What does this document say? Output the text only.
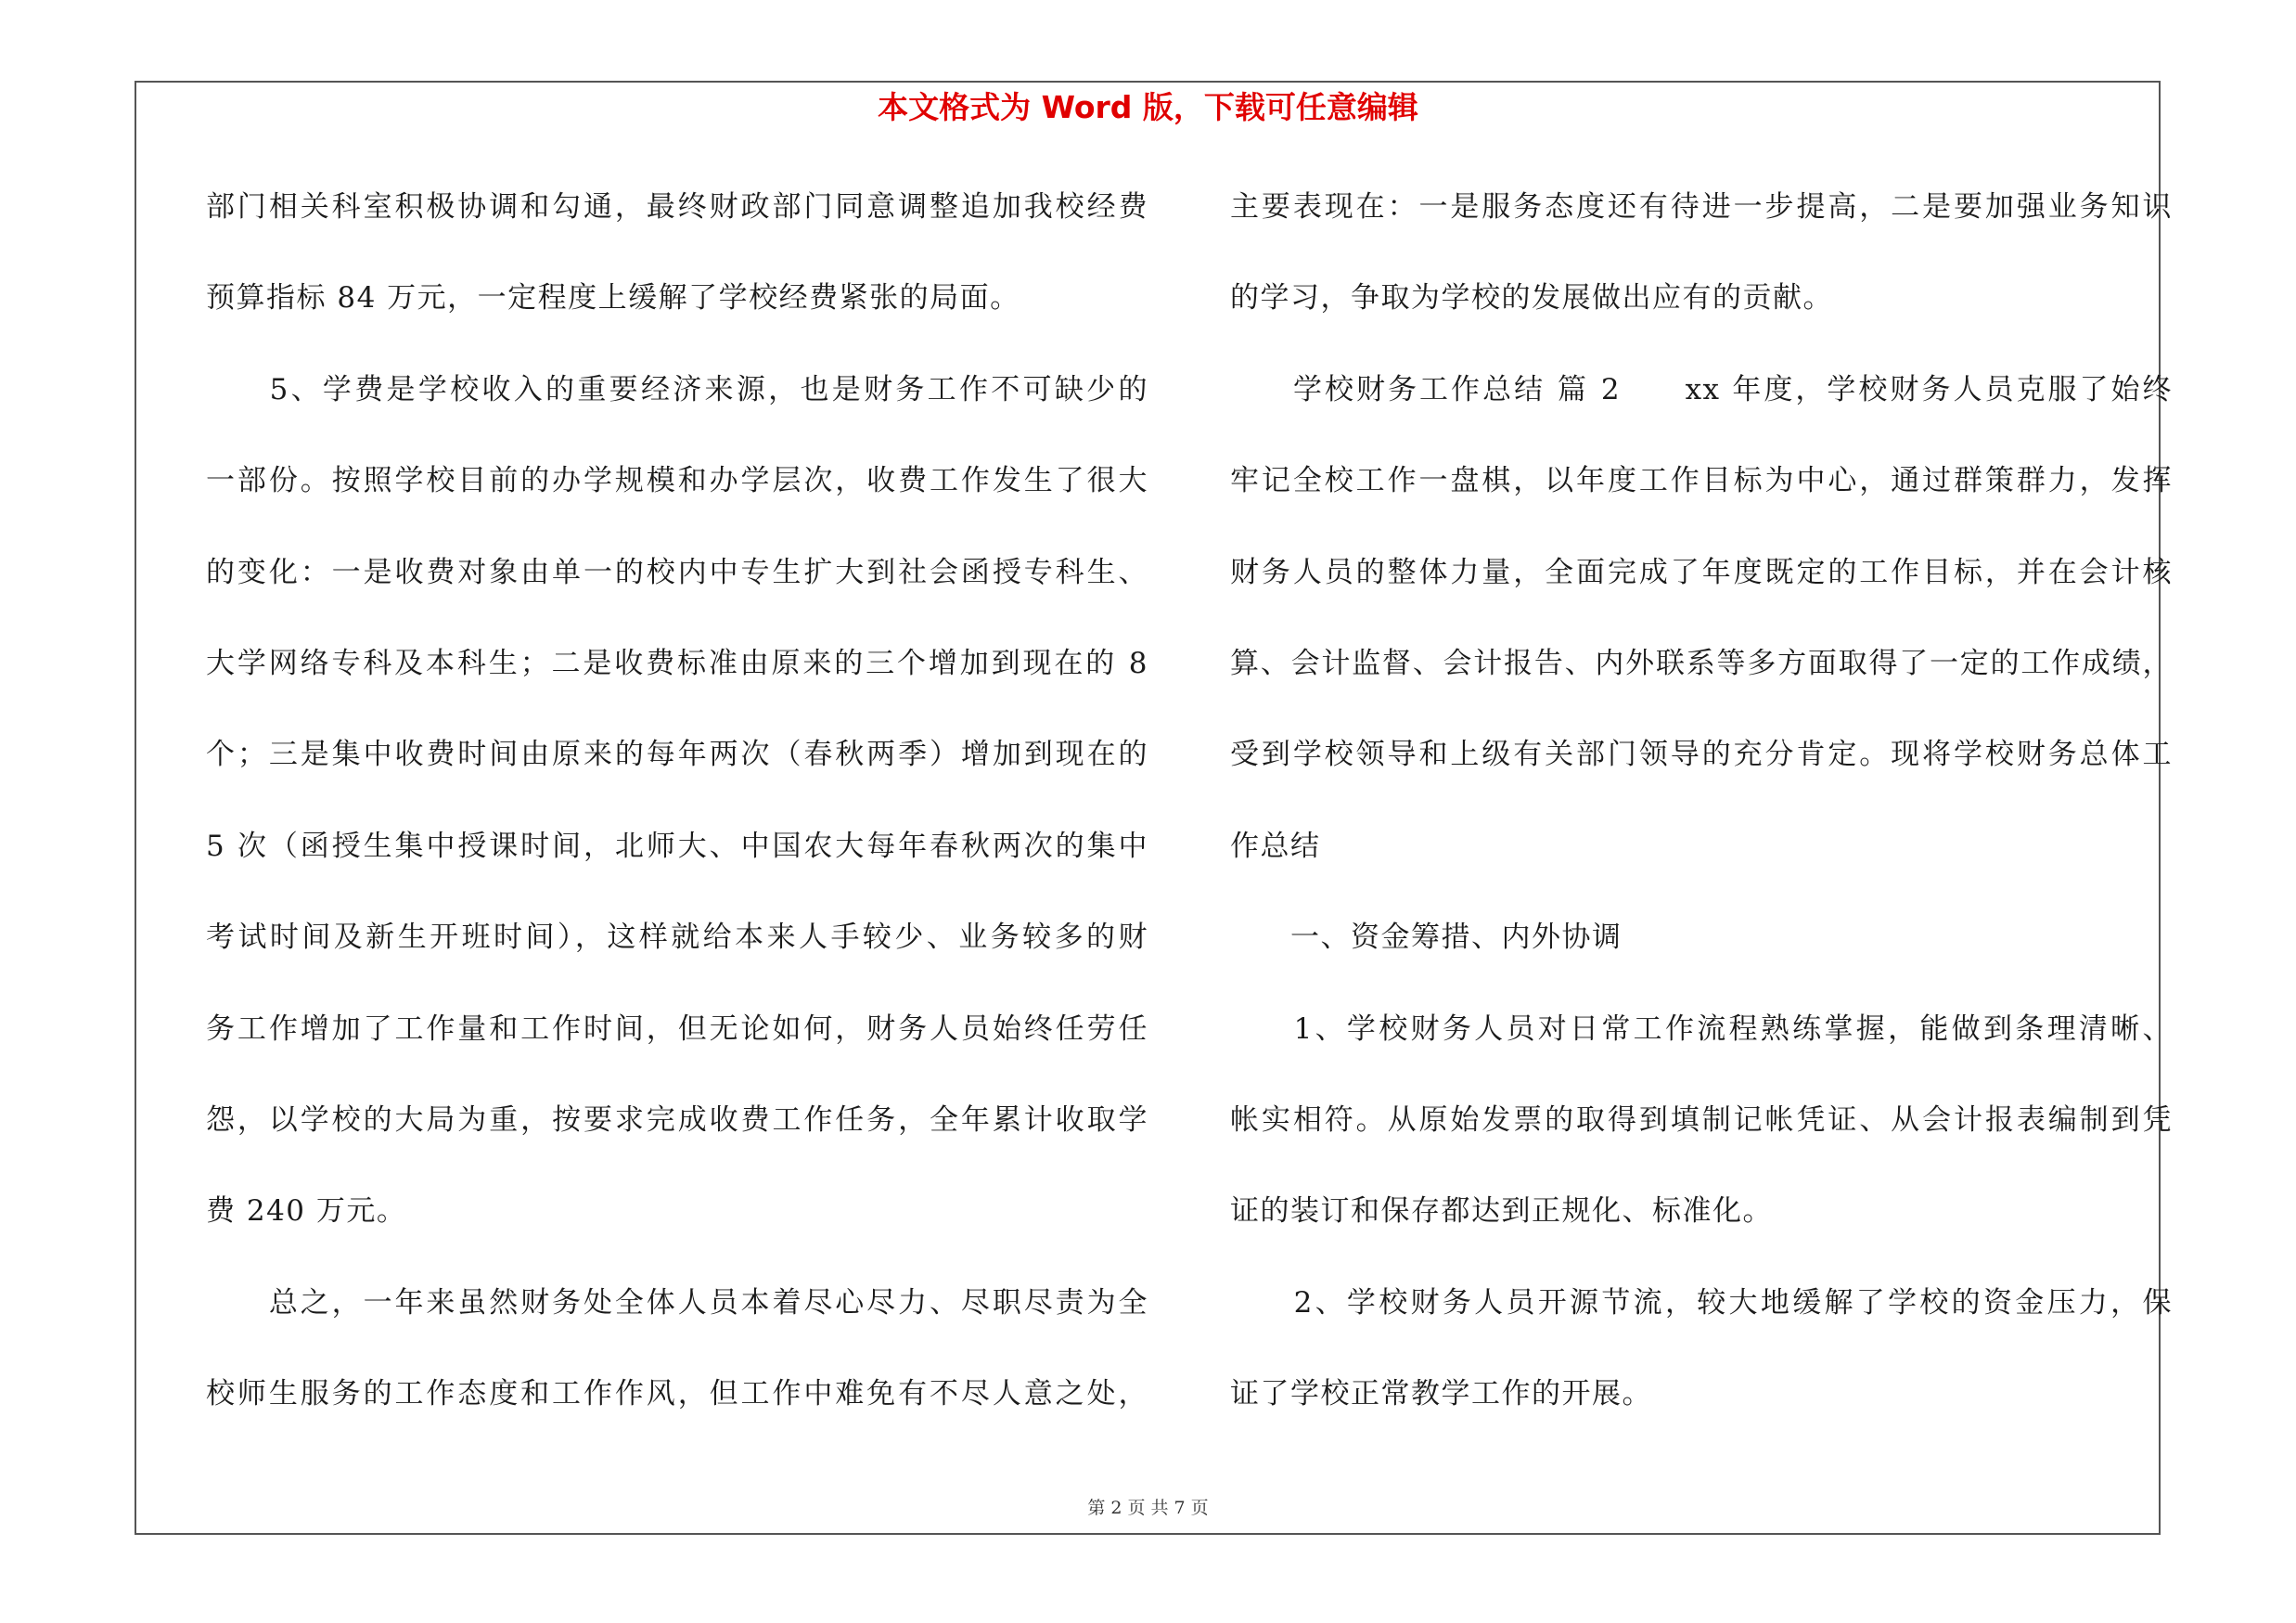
本文格式为 Word 版，下载可任意编辑
部门相关科室积极协调和勾通，最终财政部门同意调整追加我校经费
预算指标 84 万元，一定程度上缓解了学校经费紧张的局面。
　　5、学费是学校收入的重要经济来源，也是财务工作不可缺少的
一部份。按照学校目前的办学规模和办学层次，收费工作发生了很大
的变化：一是收费对象由单一的校内中专生扩大到社会函授专科生、
大学网络专科及本科生；二是收费标准由原来的三个增加到现在的 8
个；三是集中收费时间由原来的每年两次（春秋两季）增加到现在的
5 次（函授生集中授课时间，北师大、中国农大每年春秋两次的集中
考试时间及新生开班时间），这样就给本来人手较少、业务较多的财
务工作增加了工作量和工作时间，但无论如何，财务人员始终任劳任
怨，以学校的大局为重，按要求完成收费工作任务，全年累计收取学
费 240 万元。
　　总之，一年来虽然财务处全体人员本着尽心尽力、尽职尽责为全
校师生服务的工作态度和工作作风，但工作中难免有不尽人意之处，
主要表现在：一是服务态度还有待进一步提高，二是要加强业务知识
的学习，争取为学校的发展做出应有的贡献。
　　学校财务工作总结 篇 2　　xx 年度，学校财务人员克服了始终
牢记全校工作一盘棋，以年度工作目标为中心，通过群策群力，发挥
财务人员的整体力量，全面完成了年度既定的工作目标，并在会计核
算、会计监督、会计报告、内外联系等多方面取得了一定的工作成绩，
受到学校领导和上级有关部门领导的充分肯定。现将学校财务总体工
作总结
　　一、资金筹措、内外协调
　　1、学校财务人员对日常工作流程熟练掌握，能做到条理清晰、
帐实相符。从原始发票的取得到填制记帐凭证、从会计报表编制到凭
证的装订和保存都达到正规化、标准化。
　　2、学校财务人员开源节流，较大地缓解了学校的资金压力，保
证了学校正常教学工作的开展。
第 2 页 共 7 页
